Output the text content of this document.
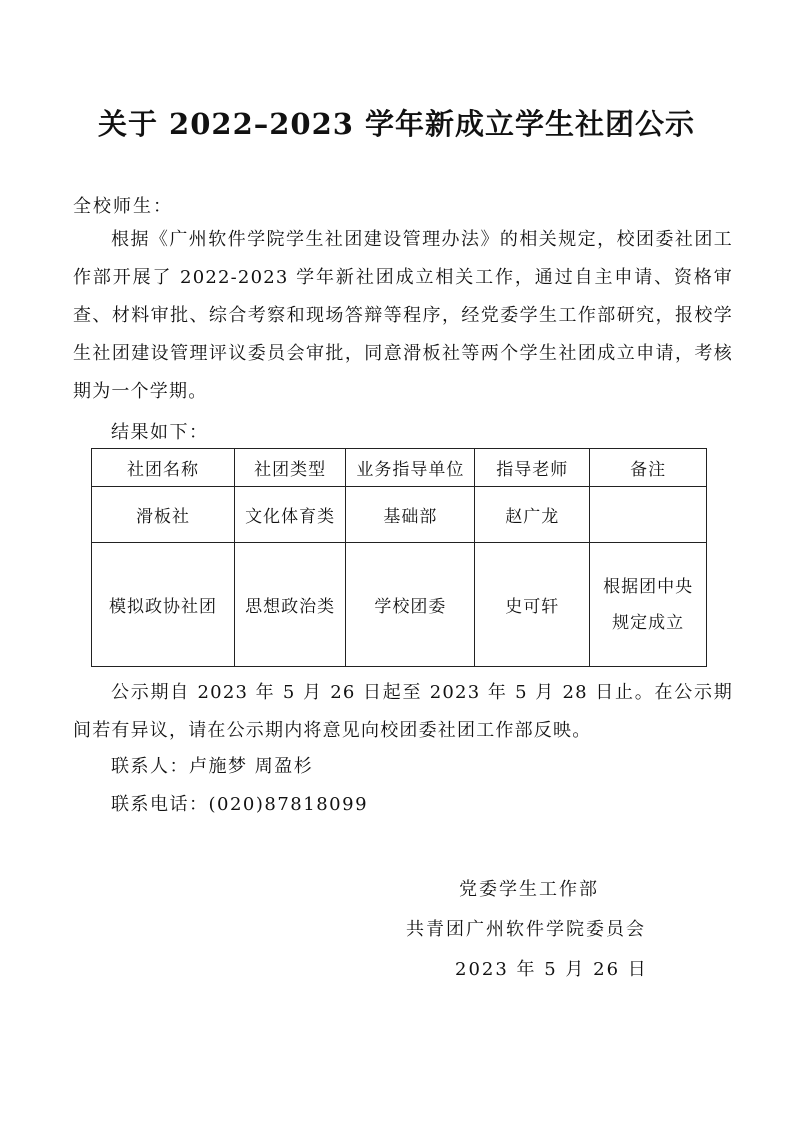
关于 2022–2023 学年新成立学生社团公示
全校师生：

根据《广州软件学院学生社团建设管理办法》的相关规定，校团委社团工作部开展了 2022-2023 学年新社团成立相关工作，通过自主申请、资格审查、材料审批、综合考察和现场答辩等程序，经党委学生工作部研究，报校学生社团建设管理评议委员会审批，同意滑板社等两个学生社团成立申请，考核期为一个学期。

结果如下：
社团名称	社团类型	业务指导单位	指导老师	备注
滑板社	文化体育类	基础部	赵广龙	
模拟政协社团	思想政治类	学校团委	史可轩	根据团中央规定成立

公示期自 2023 年 5 月 26 日起至 2023 年 5 月 28 日止。在公示期间若有异议，请在公示期内将意见向校团委社团工作部反映。

联系人：卢施梦 周盈杉
联系电话：(020)87818099
党委学生工作部
共青团广州软件学院委员会
2023 年 5 月 26 日
